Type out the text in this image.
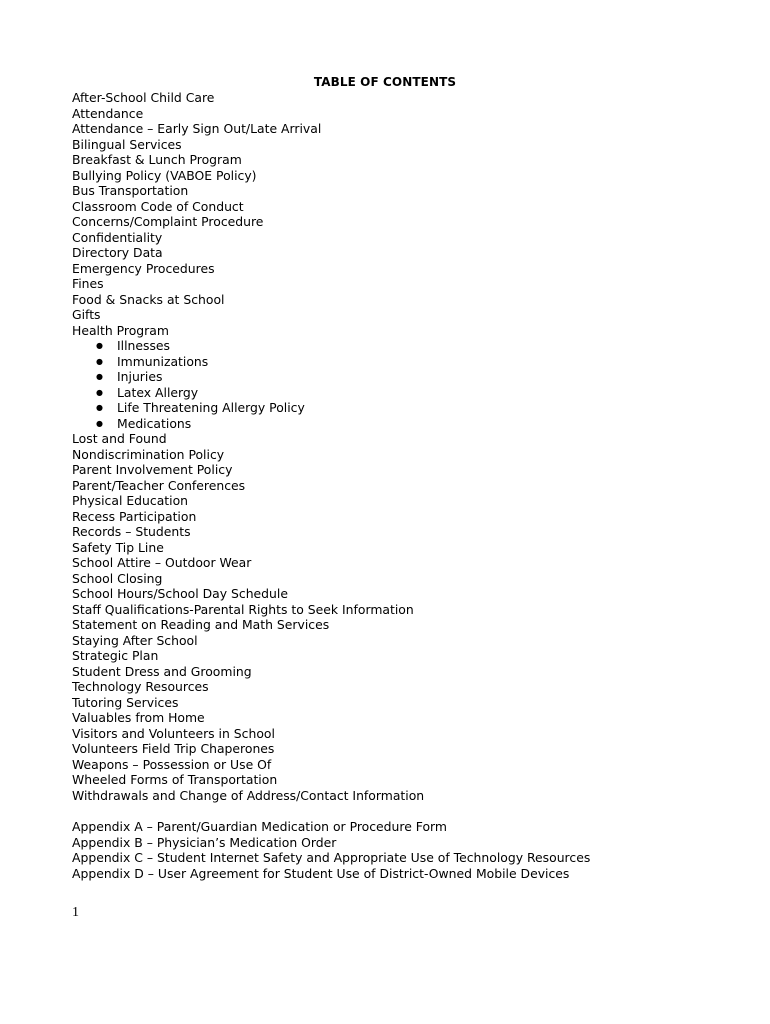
TABLE OF CONTENTS
After-School Child Care
Attendance
Attendance – Early Sign Out/Late Arrival
Bilingual Services
Breakfast & Lunch Program
Bullying Policy (VABOE Policy)
Bus Transportation
Classroom Code of Conduct
Concerns/Complaint Procedure
Confidentiality
Directory Data
Emergency Procedures
Fines
Food & Snacks at School
Gifts
Health Program
● Illnesses
● Immunizations
● Injuries
● Latex Allergy
● Life Threatening Allergy Policy
● Medications
Lost and Found
Nondiscrimination Policy
Parent Involvement Policy
Parent/Teacher Conferences
Physical Education
Recess Participation
Records – Students
Safety Tip Line
School Attire – Outdoor Wear
School Closing
School Hours/School Day Schedule
Staff Qualifications-Parental Rights to Seek Information
Statement on Reading and Math Services
Staying After School
Strategic Plan
Student Dress and Grooming
Technology Resources
Tutoring Services
Valuables from Home
Visitors and Volunteers in School
Volunteers Field Trip Chaperones
Weapons – Possession or Use Of
Wheeled Forms of Transportation
Withdrawals and Change of Address/Contact Information
Appendix A – Parent/Guardian Medication or Procedure Form
Appendix B – Physician’s Medication Order
Appendix C – Student Internet Safety and Appropriate Use of Technology Resources
Appendix D – User Agreement for Student Use of District-Owned Mobile Devices
1
